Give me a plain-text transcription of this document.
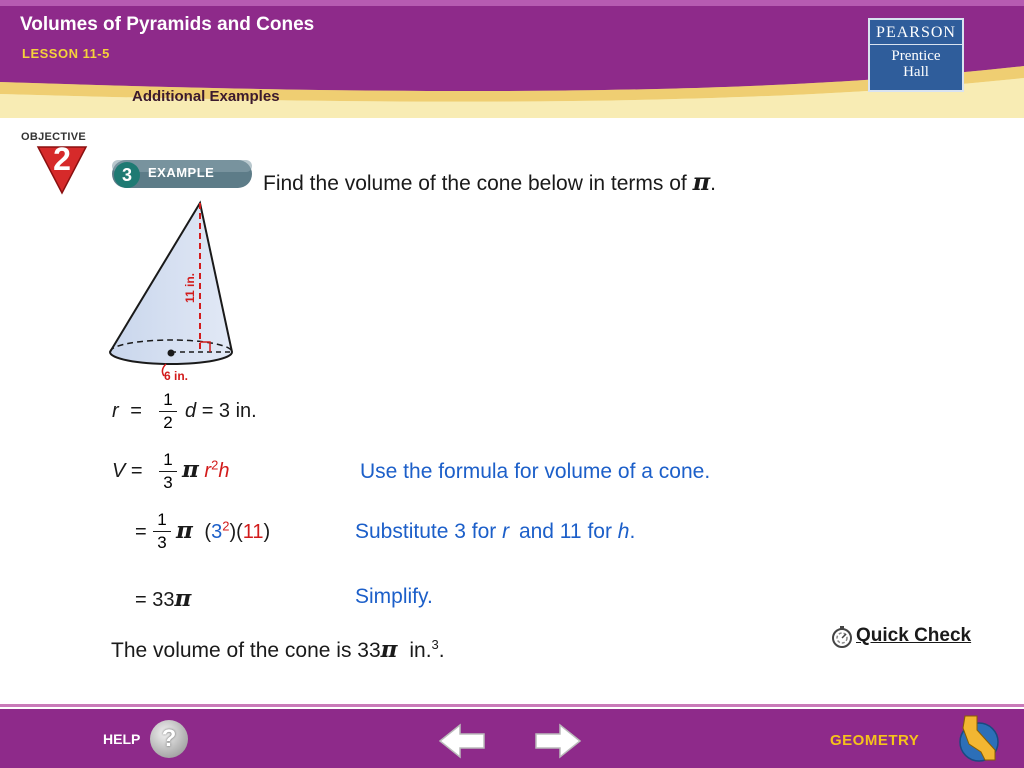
Volumes of Pyramids and Cones
LESSON 11-5
Additional Examples
PEARSON
Prentice
Hall
OBJECTIVE
2	3	EXAMPLE Find the volume of the cone below in terms of π.
6 in.
11 in.
r =
1
2
d = 3 in.
V =
1
3 π $r^2h$	Use the formula for volume of a cone.
=
1
3 π $(3^2)(11)$	Substitute 3 for r and 11 for h.
= 33π	Simplify.
The volume of the cone is 33π in.$^3$.
Quick Check
HELP ?	GEOMETRY
